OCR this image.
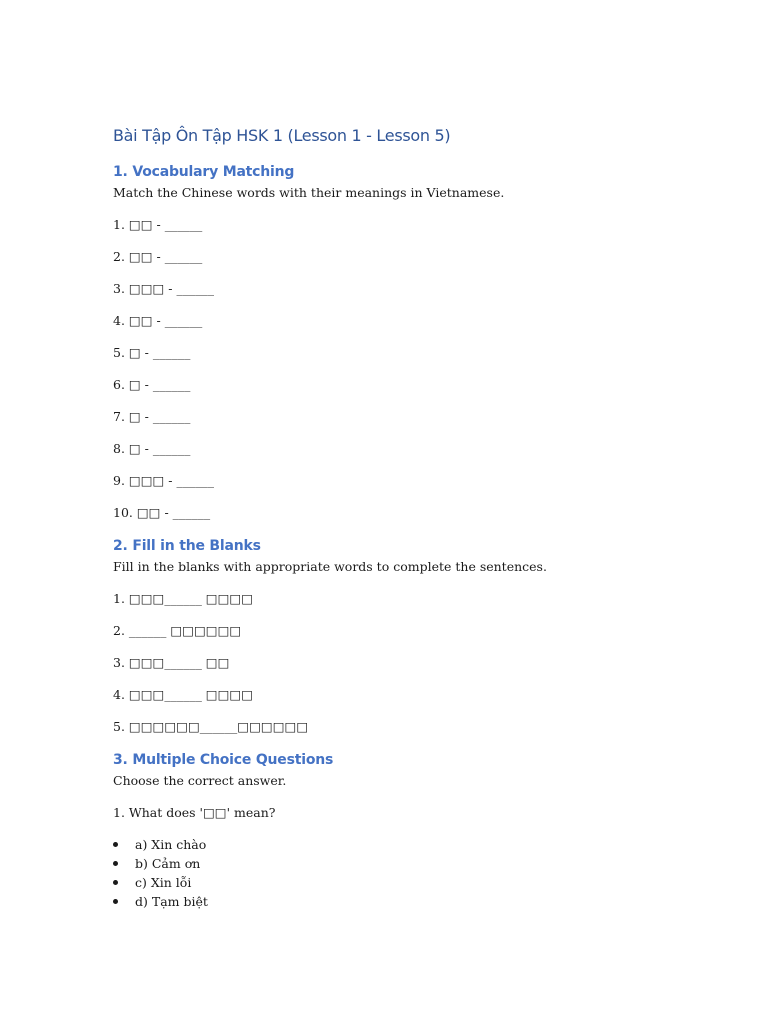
Bài Tập Ôn Tập HSK 1 (Lesson 1 - Lesson 5)
1. Vocabulary Matching

Match the Chinese words with their meanings in Vietnamese.

1. □□ - ______

2. □□ - ______

3. □□□ - ______

4. □□ - ______

5. □ - ______

6. □ - ______

7. □ - ______

8. □ - ______

9. □□□ - ______

10. □□ - ______

2. Fill in the Blanks

Fill in the blanks with appropriate words to complete the sentences.

1. □□□______ □□□□

2. ______ □□□□□□

3. □□□______ □□

4. □□□______ □□□□

5. □□□□□□______□□□□□□

3. Multiple Choice Questions

Choose the correct answer.

1. What does '□□' mean?

a) Xin chào
b) Cảm ơn
c) Xin lỗi
d) Tạm biệt
